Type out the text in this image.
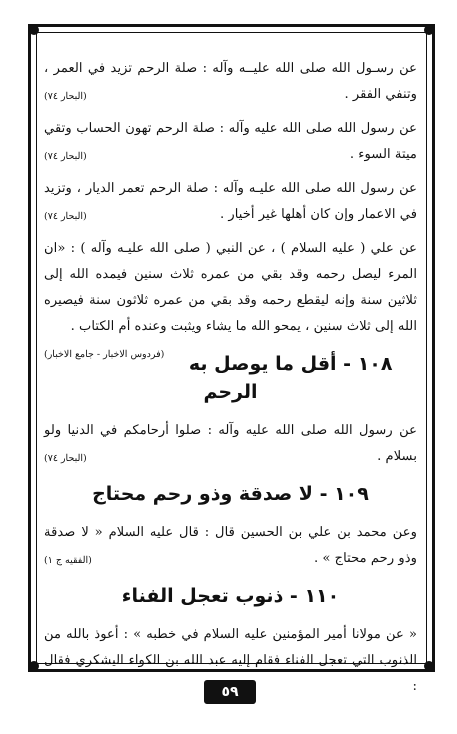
عن رسـول الله صلى الله عليــه وآله : صلة الرحم تزيد في العمر ، وتنفي الفقر .
(البحار ٧٤)

عن رسول الله صلى الله عليه وآله : صلة الرحم تهون الحساب وتقي ميتة السوء .
(البحار ٧٤)

عن رسول الله صلى الله عليـه وآله : صلة الرحم تعمر الديار ، وتزيد في الاعمار وإن كان أهلها غير أخيار .
(البحار ٧٤)

عن علي ( عليه السلام ) ، عن النبي ( صلى الله عليـه وآله ) : «ان المرء ليصل رحمه وقد بقي من عمره ثلاث سنين فيمده الله إلى ثلاثين سنة وإنه ليقطع رحمه وقد بقي من عمره ثلاثون سنة فيصيره الله إلى ثلاث سنين ، يمحو الله ما يشاء ويثبت وعنده أم الكتاب .
(فردوس الاخبار - جامع الاخبار)	١٠٨ - أقل ما يوصل به الرحم

عن رسول الله صلى الله عليه وآله : صلوا أرحامكم في الدنيا ولو بسلام .
(البحار ٧٤)

١٠٩ - لا صدقة وذو رحم محتاج

وعن محمد بن علي بن الحسين قال : قال عليه السلام « لا صدقة وذو رحم محتاج » .
(الفقيه ج ١)

١١٠ - ذنوب تعجل الفناء

« عن مولانا أمير المؤمنين عليه السلام في خطبه » : أعوذ بالله من الذنوب التي تعجل الفناء فقام إليه عبد الله بن الكواء اليشكري فقال :

٥٩
